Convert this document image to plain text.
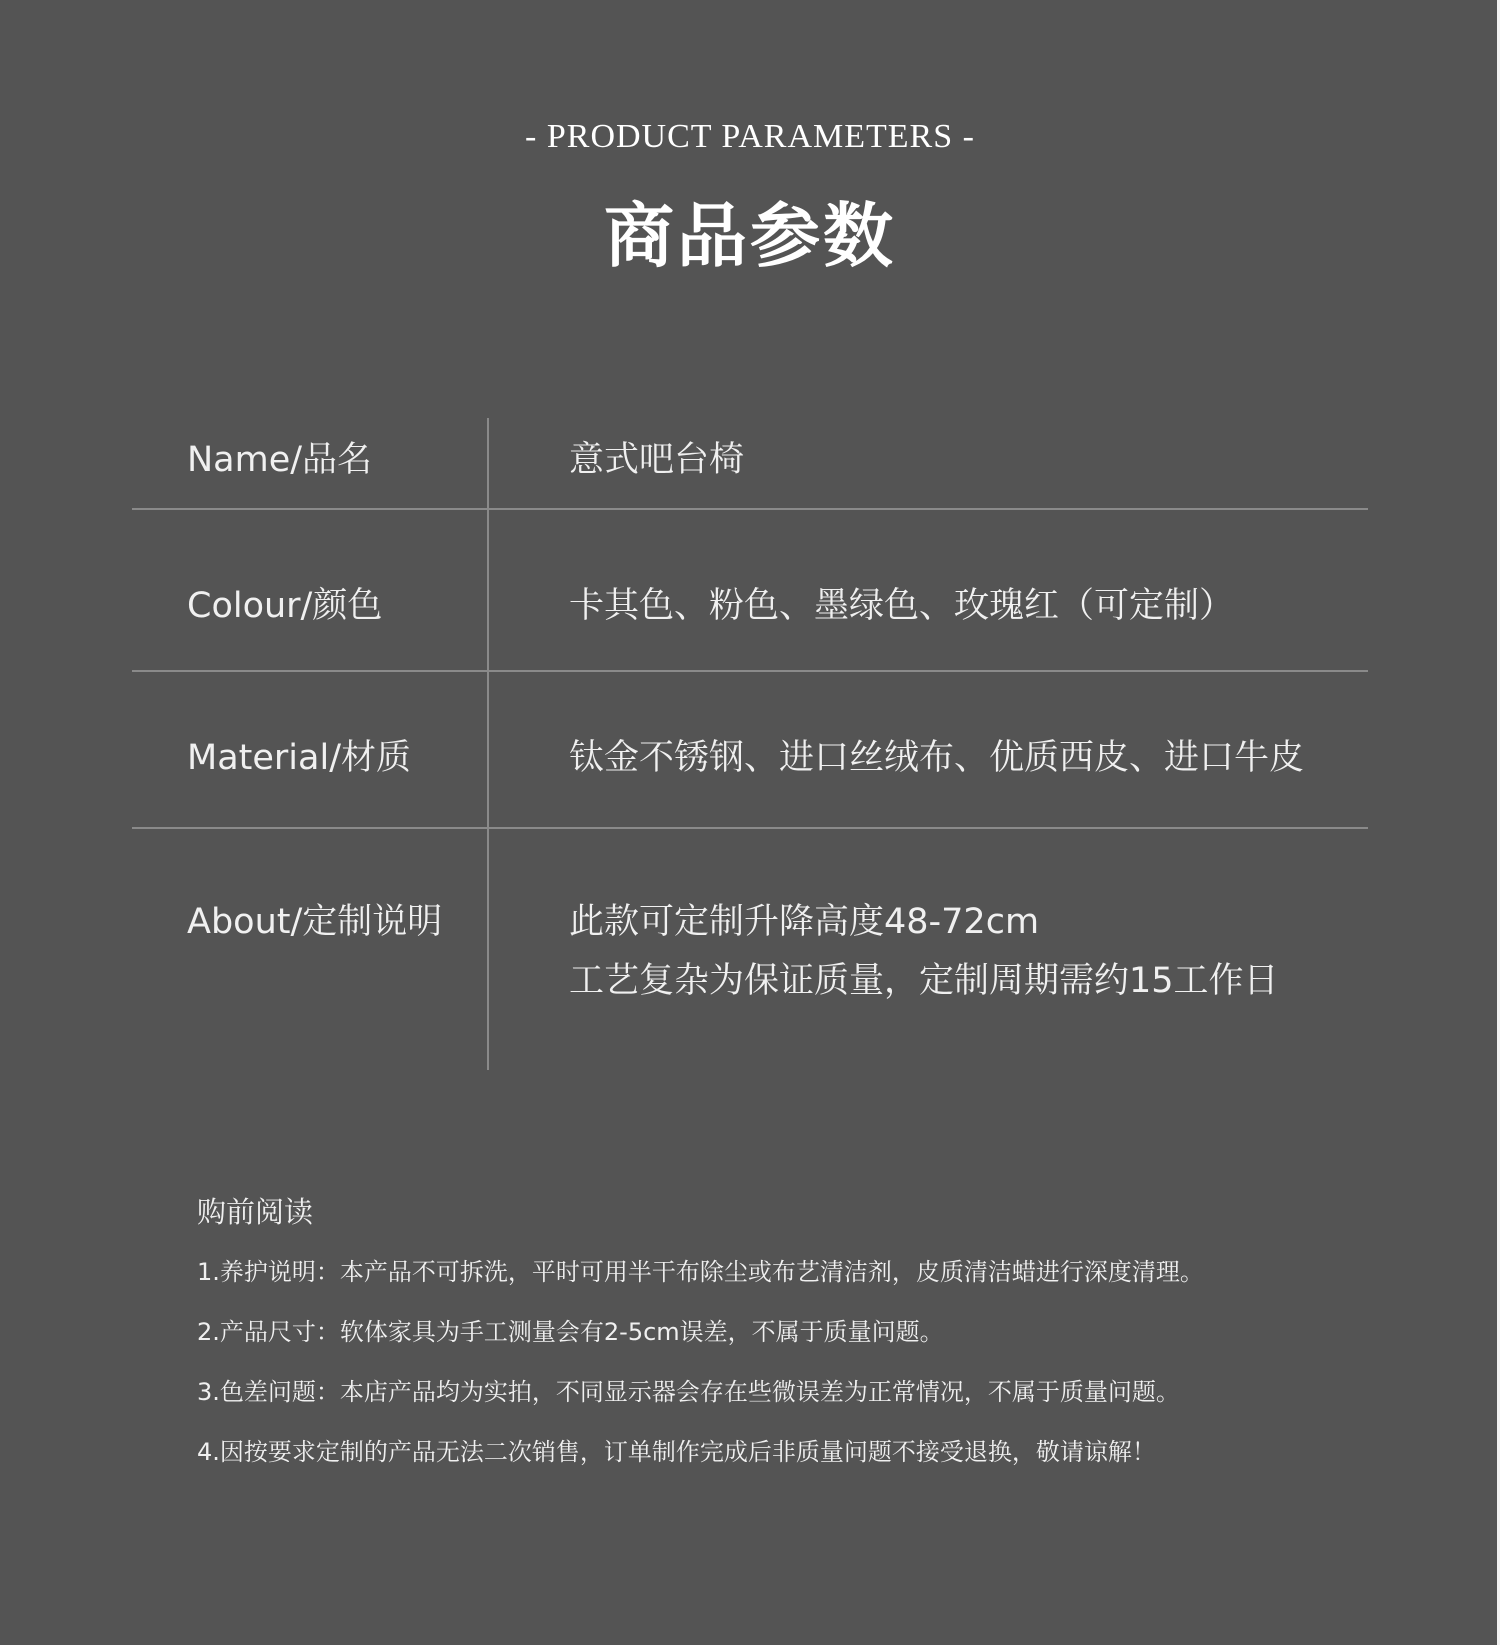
- PRODUCT PARAMETERS -
商品参数
Name/品名	意式吧台椅
Colour/颜色	卡其色、粉色、墨绿色、玫瑰红（可定制）
Material/材质	钛金不锈钢、进口丝绒布、优质西皮、进口牛皮
About/定制说明	此款可定制升降高度48-72cm
工艺复杂为保证质量，定制周期需约15工作日
购前阅读
1.养护说明：本产品不可拆洗，平时可用半干布除尘或布艺清洁剂，皮质清洁蜡进行深度清理。
2.产品尺寸：软体家具为手工测量会有2-5cm误差，不属于质量问题。
3.色差问题：本店产品均为实拍，不同显示器会存在些微误差为正常情况，不属于质量问题。
4.因按要求定制的产品无法二次销售，订单制作完成后非质量问题不接受退换，敬请谅解！
